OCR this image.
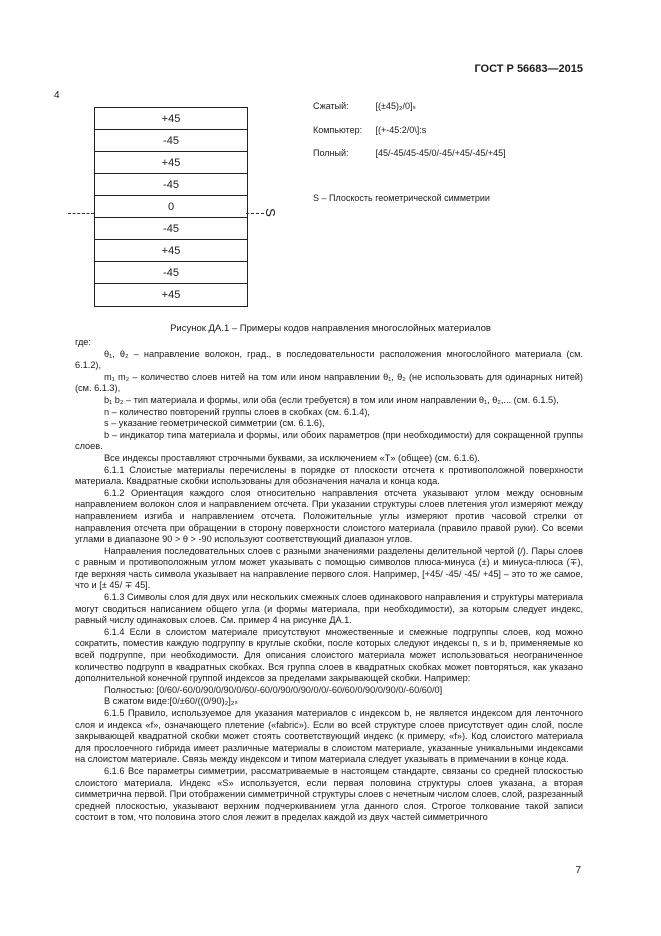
ГОСТ Р 56683—2015
4
+45
-45
+45
-45
0
-45
+45
-45
+45
S
Сжатый:	[(±45)₂/0]ₛ
Компьютер: [(+-45:2/0\]:s
Полный:	[45/-45/45-45/0/-45/+45/-45/+45]
S – Плоскость геометрической симметрии
Рисунок ДА.1 – Примеры кодов направления многослойных материалов

где:

θ₁, θ₂ – направление волокон, град., в последовательности расположения многослойного материала (см. 6.1.2),

m₁ m₂ – количество слоев нитей на том или ином направлении θ₁, θ₂ (не использовать для одинарных нитей) (см. 6.1.3),

b₁ b₂ – тип материала и формы, или оба (если требуется) в том или ином направлении θ₁, θ₂,... (см. 6.1.5),

n – количество повторений группы слоев в скобках (см. 6.1.4),

s – указание геометрической симметрии (см. 6.1.6),

b – индикатор типа материала и формы, или обоих параметров (при необходимости) для сокращенной группы слоев.

Все индексы проставляют строчными буквами, за исключением «T» (общее) (см. 6.1.6).

6.1.1 Слоистые материалы перечислены в порядке от плоскости отсчета к противоположной поверхности материала. Квадратные скобки использованы для обозначения начала и конца кода.

6.1.2 Ориентация каждого слоя относительно направления отсчета указывают углом между основным направлением волокон слоя и направлением отсчета. При указании структуры слоев плетения угол измеряют между направлением изгиба и направлением отсчета. Положительные углы измеряют против часовой стрелки от направления отсчета при обращении в сторону поверхности слоистого материала (правило правой руки). Со всеми углами в диапазоне 90 > θ > -90 используют соответствующий диапазон углов.

Направления последовательных слоев с разными значениями разделены делительной чертой (/). Пары слоев с равным и противоположным углом может указывать с помощью символов плюса-минуса (±) и минуса-плюса (∓), где верхняя часть символа указывает на направление первого слоя. Например, [+45/ -45/ -45/ +45] – это то же самое, что и [± 45/ ∓ 45].

6.1.3 Символы слоя для двух или нескольких смежных слоев одинакового направления и структуры материала могут сводиться написанием общего угла (и формы материала, при необходимости), за которым следует индекс, равный числу одинаковых слоев. См. пример 4 на рисунке ДА.1.

6.1.4 Если в слоистом материале присутствуют множественные и смежные подгруппы слоев, код можно сократить, поместив каждую подгруппу в круглые скобки, после которых следуют индексы n, s и b, применяемые ко всей подгруппе, при необходимости. Для описания слоистого материала может использоваться неограниченное количество подгрупп в квадратных скобках. Вся группа слоев в квадратных скобках может повторяться, как указано дополнительной конечной группой индексов за пределами закрывающей скобки. Например:

Полностью: [0/60/-60/0/90/0/90/0/60/-60/0/90/0/90/0/0/-60/60/0/90/0/90/0/-60/60/0]

В сжатом виде:[0/±60/((0/90)₂]₂ₛ

6.1.5 Правило, используемое для указания материалов с индексом b, не является индексом для ленточного слоя и индекса «f», означающего плетение («fabric»). Если во всей структуре слоев присутствует один слой, после закрывающей квадратной скобки может стоять соответствующий индекс (к примеру, «f»). Код слоистого материала для прослоечного гибрида имеет различные материалы в слоистом материале, указанные уникальными индексами на слоистом материале. Связь между индексом и типом материала следует указывать в примечании в конце кода.

6.1.6 Все параметры симметрии, рассматриваемые в настоящем стандарте, связаны со средней плоскостью слоистого материала. Индекс «S» используется, если первая половина структуры слоев указана, а вторая симметрична первой. При отображении симметричной структуры слоев с нечетным числом слоев, слой, разрезанный средней плоскостью, указывают верхним подчеркиванием угла данного слоя. Строгое толкование такой записи состоит в том, что половина этого слоя лежит в пределах каждой из двух частей симметричного

7
